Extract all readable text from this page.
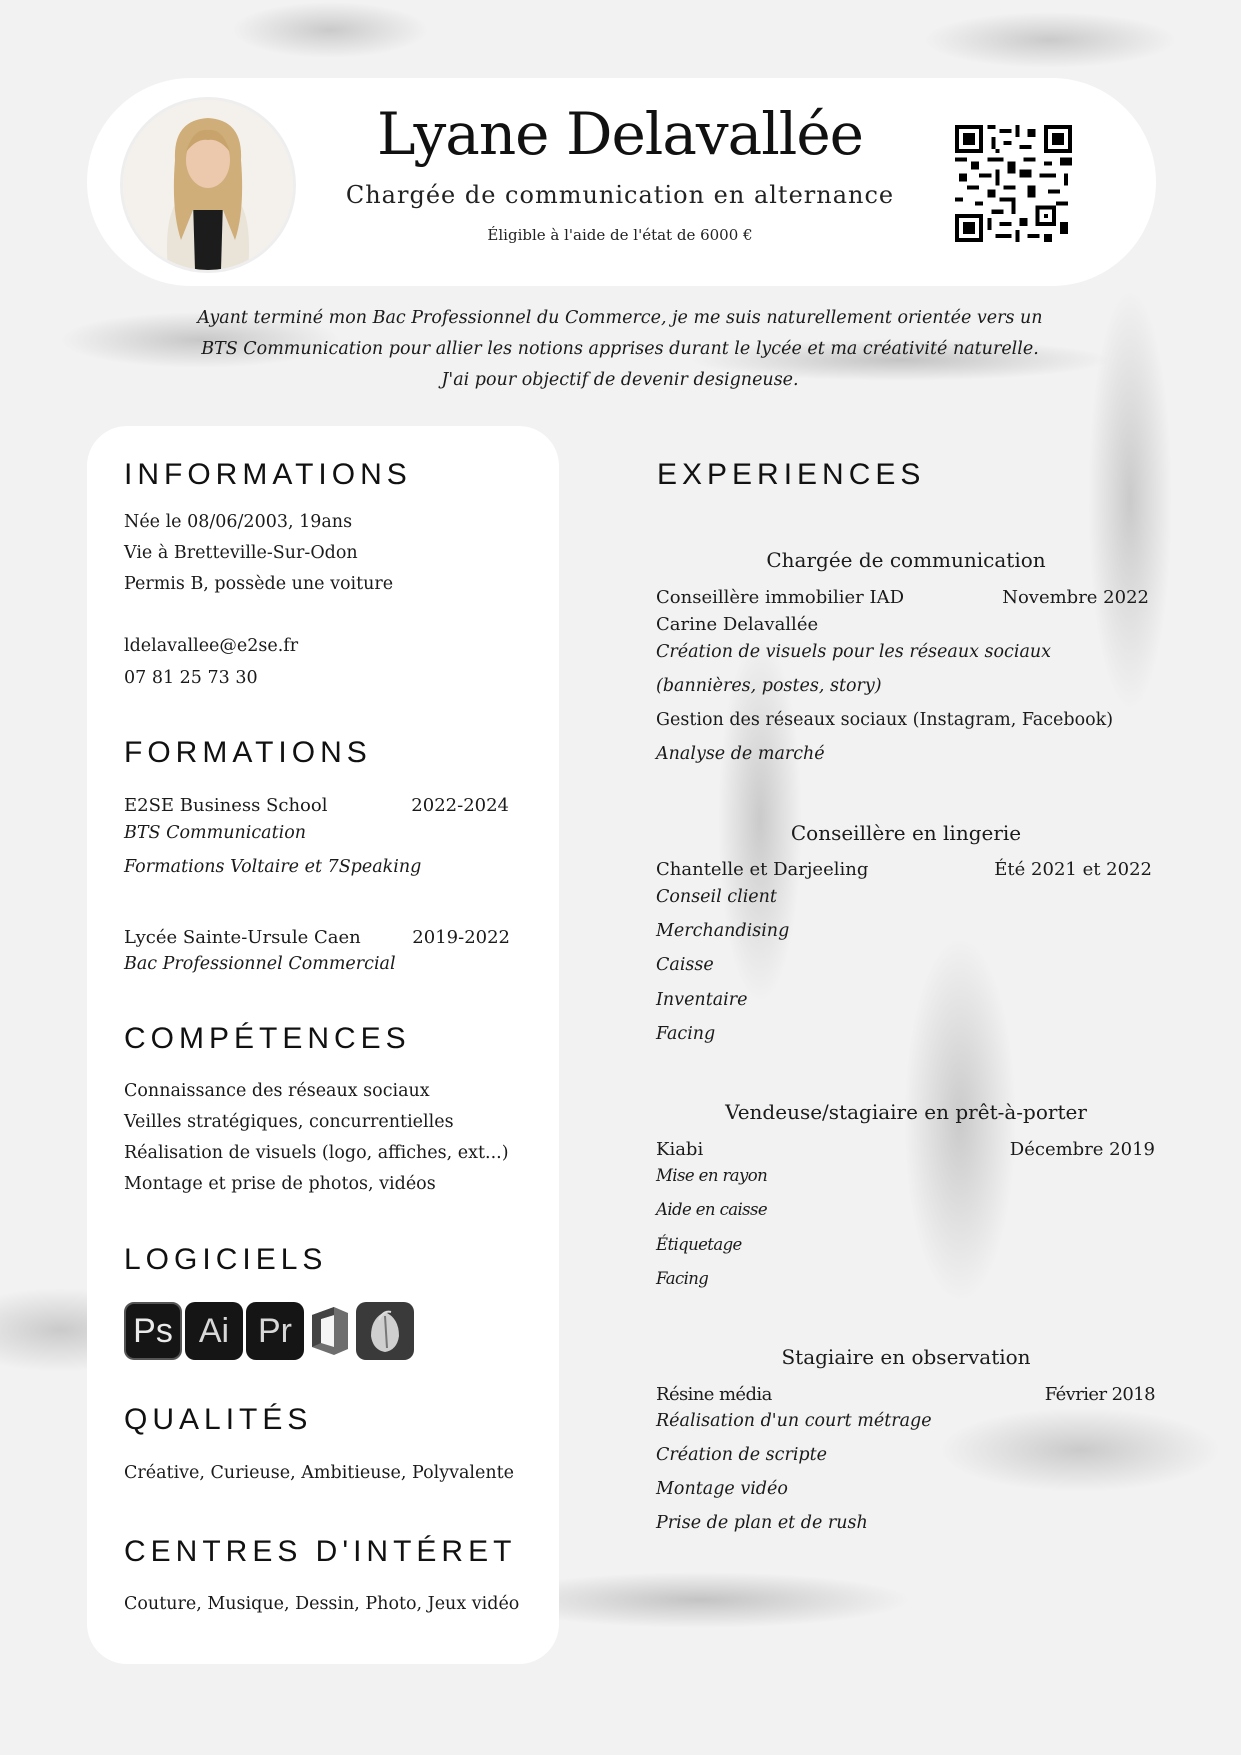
Lyane Delavallée
Chargée de communication en alternance
Éligible à l'aide de l'état de 6000 €
Ayant terminé mon Bac Professionnel du Commerce, je me suis naturellement orientée vers un
BTS Communication pour allier les notions apprises durant le lycée et ma créativité naturelle.
J'ai pour objectif de devenir designeuse.
INFORMATIONS
Née le 08/06/2003, 19ans
Vie à Bretteville-Sur-Odon
Permis B, possède une voiture
ldelavallee@e2se.fr
07 81 25 73 30
FORMATIONS
E2SE Business School	2022-2024
BTS Communication
Formations Voltaire et 7Speaking
Lycée Sainte-Ursule Caen	2019-2022
Bac Professionnel Commercial
COMPÉTENCES
Connaissance des réseaux sociaux
Veilles stratégiques, concurrentielles
Réalisation de visuels (logo, affiches, ext...)
Montage et prise de photos, vidéos
LOGICIELS
Ps Ai Pr
QUALITÉS
Créative, Curieuse, Ambitieuse, Polyvalente
CENTRES D'INTÉRET
Couture, Musique, Dessin, Photo, Jeux vidéo
EXPERIENCES
Chargée de communication
Conseillère immobilier IAD	Novembre 2022
Carine Delavallée
Création de visuels pour les réseaux sociaux
(bannières, postes, story)
Gestion des réseaux sociaux (Instagram, Facebook)
Analyse de marché
Conseillère en lingerie
Chantelle et Darjeeling	Été 2021 et 2022
Conseil client
Merchandising
Caisse
Inventaire
Facing
Vendeuse/stagiaire en prêt-à-porter
Kiabi	Décembre 2019
Mise en rayon
Aide en caisse
Étiquetage
Facing
Stagiaire en observation
Résine média	Février 2018
Réalisation d'un court métrage
Création de scripte
Montage vidéo
Prise de plan et de rush
